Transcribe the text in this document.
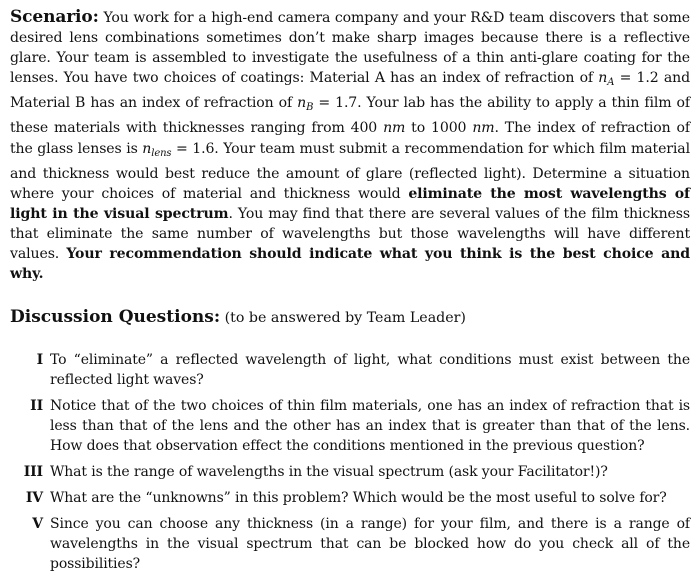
Scenario: You work for a high-end camera company and your R&D team discovers that some desired lens combinations sometimes don’t make sharp images because there is a reflective glare. Your team is assembled to investigate the usefulness of a thin anti-glare coating for the lenses. You have two choices of coatings: Material A has an index of refraction of $n_A = 1.2$ and Material B has an index of refraction of $n_B = 1.7$. Your lab has the ability to apply a thin film of these materials with thicknesses ranging from 400 nm to 1000 nm. The index of refraction of the glass lenses is $n_{lens} = 1.6$. Your team must submit a recommendation for which film material and thickness would best reduce the amount of glare (reflected light). Determine a situation where your choices of material and thickness would eliminate the most wavelengths of light in the visual spectrum. You may find that there are several values of the film thickness that eliminate the same number of wavelengths but those wavelengths will have different values. Your recommendation should indicate what you think is the best choice and why.

Discussion Questions: (to be answered by Team Leader)
I To “eliminate” a reflected wavelength of light, what conditions must exist between the reflected light waves?
II Notice that of the two choices of thin film materials, one has an index of refraction that is less than that of the lens and the other has an index that is greater than that of the lens. How does that observation effect the conditions mentioned in the previous question?
III What is the range of wavelengths in the visual spectrum (ask your Facilitator!)?
IV What are the “unknowns” in this problem? Which would be the most useful to solve for?
V Since you can choose any thickness (in a range) for your film, and there is a range of wavelengths in the visual spectrum that can be blocked how do you check all of the possibilities?
